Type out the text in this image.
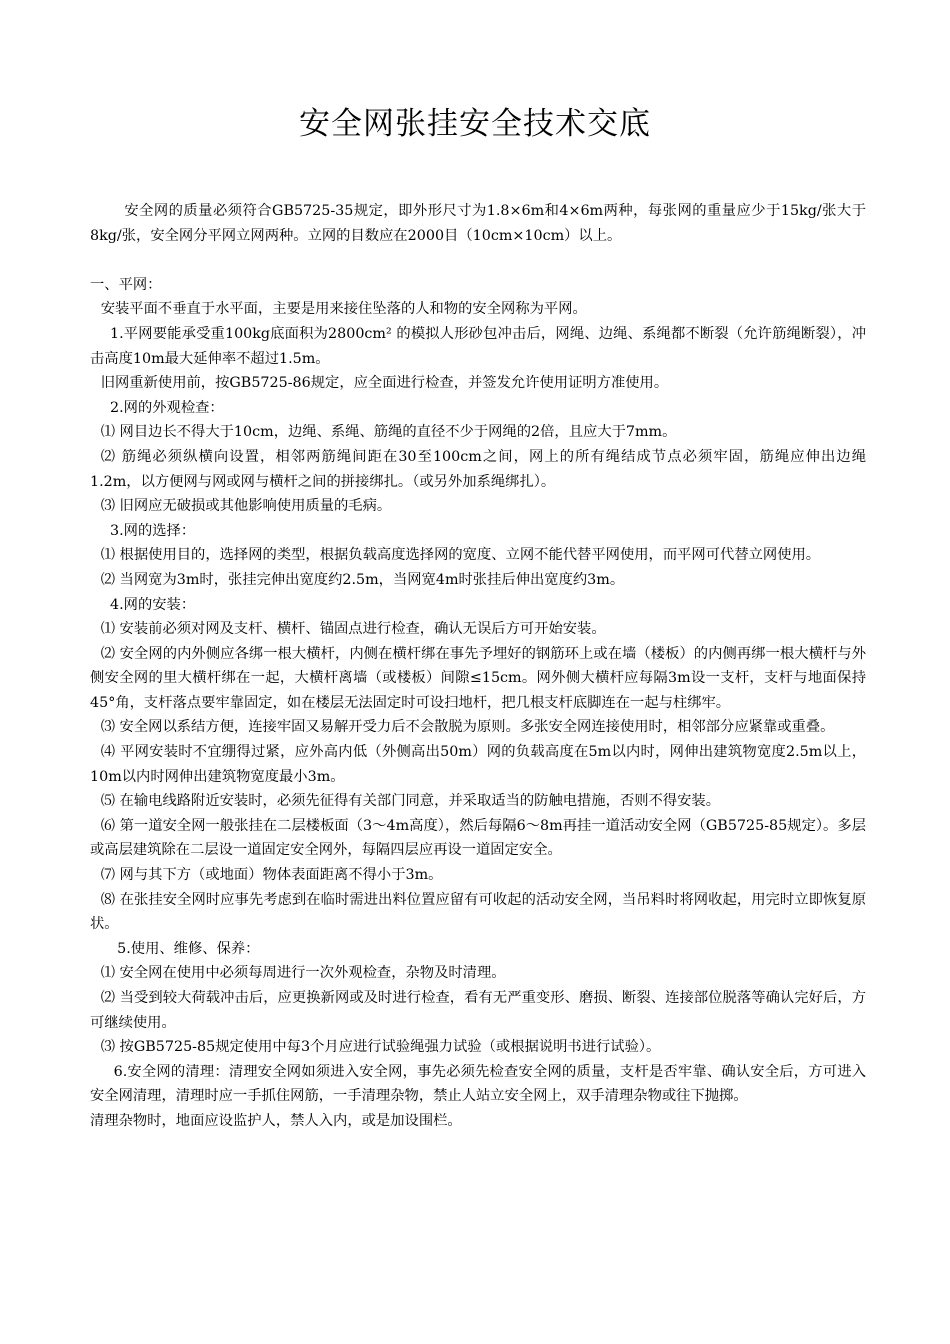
安全网张挂安全技术交底

安全网的质量必须符合GB5725-35规定，即外形尺寸为1.8×6m和4×6m两种，每张网的重量应少于15kg/张大于8kg/张，安全网分平网立网两种。立网的目数应在2000目（10cm×10cm）以上。

一、平网：

安装平面不垂直于水平面，主要是用来接住坠落的人和物的安全网称为平网。

1.平网要能承受重100kg底面积为2800cm² 的模拟人形砂包冲击后，网绳、边绳、系绳都不断裂（允许筋绳断裂），冲击高度10m最大延伸率不超过1.5m。

旧网重新使用前，按GB5725-86规定，应全面进行检查，并签发允许使用证明方准使用。

2.网的外观检查：

⑴ 网目边长不得大于10cm，边绳、系绳、筋绳的直径不少于网绳的2倍，且应大于7mm。

⑵ 筋绳必须纵横向设置，相邻两筋绳间距在30至100cm之间，网上的所有绳结成节点必须牢固，筋绳应伸出边绳1.2m，以方便网与网或网与横杆之间的拼接绑扎。（或另外加系绳绑扎）。

⑶ 旧网应无破损或其他影响使用质量的毛病。

3.网的选择：

⑴ 根据使用目的，选择网的类型，根据负载高度选择网的宽度、立网不能代替平网使用，而平网可代替立网使用。

⑵ 当网宽为3m时，张挂完伸出宽度约2.5m，当网宽4m时张挂后伸出宽度约3m。

4.网的安装：

⑴ 安装前必须对网及支杆、横杆、锚固点进行检查，确认无误后方可开始安装。

⑵ 安全网的内外侧应各绑一根大横杆，内侧在横杆绑在事先予埋好的钢筋环上或在墙（楼板）的内侧再绑一根大横杆与外侧安全网的里大横杆绑在一起，大横杆离墙（或楼板）间隙≤15cm。网外侧大横杆应每隔3m设一支杆，支杆与地面保持45°角，支杆落点要牢靠固定，如在楼层无法固定时可设扫地杆，把几根支杆底脚连在一起与柱绑牢。

⑶ 安全网以系结方便，连接牢固又易解开受力后不会散脱为原则。多张安全网连接使用时，相邻部分应紧靠或重叠。

⑷ 平网安装时不宜绷得过紧，应外高内低（外侧高出50m）网的负载高度在5m以内时，网伸出建筑物宽度2.5m以上，10m以内时网伸出建筑物宽度最小3m。

⑸ 在输电线路附近安装时，必须先征得有关部门同意，并采取适当的防触电措施，否则不得安装。

⑹ 第一道安全网一般张挂在二层楼板面（3～4m高度），然后每隔6～8m再挂一道活动安全网（GB5725-85规定）。多层或高层建筑除在二层设一道固定安全网外，每隔四层应再设一道固定安全。

⑺ 网与其下方（或地面）物体表面距离不得小于3m。

⑻ 在张挂安全网时应事先考虑到在临时需进出料位置应留有可收起的活动安全网，当吊料时将网收起，用完时立即恢复原状。

5.使用、维修、保养：

⑴ 安全网在使用中必须每周进行一次外观检查，杂物及时清理。

⑵ 当受到较大荷载冲击后，应更换新网或及时进行检查，看有无严重变形、磨损、断裂、连接部位脱落等确认完好后，方可继续使用。

⑶ 按GB5725-85规定使用中每3个月应进行试验绳强力试验（或根据说明书进行试验）。

6.安全网的清理：清理安全网如须进入安全网，事先必须先检查安全网的质量，支杆是否牢靠、确认安全后，方可进入安全网清理，清理时应一手抓住网筋，一手清理杂物，禁止人站立安全网上，双手清理杂物或往下抛掷。

清理杂物时，地面应设监护人，禁人入内，或是加设围栏。
